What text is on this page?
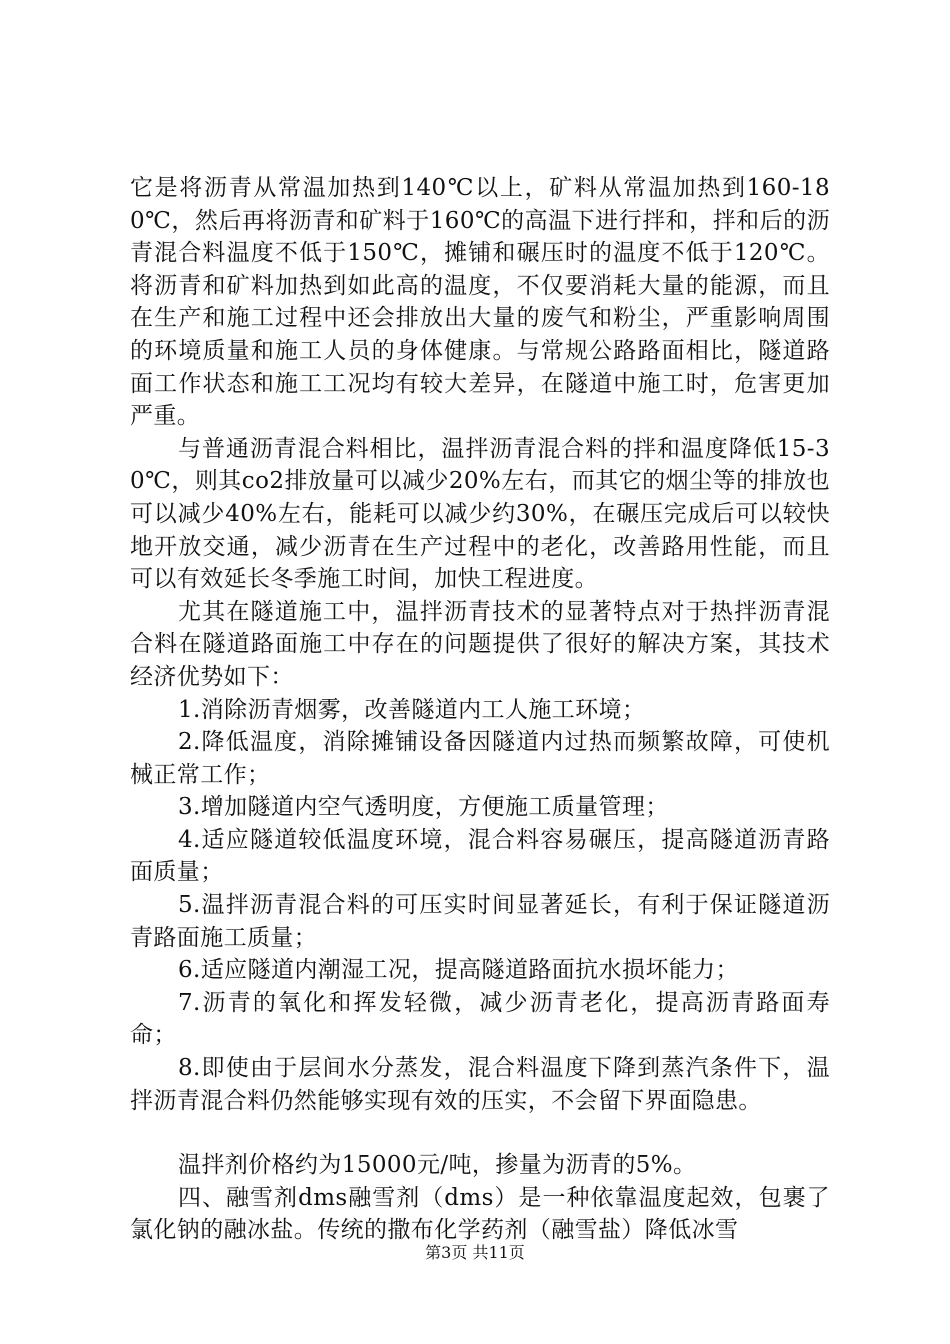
它是将沥青从常温加热到140℃以上，矿料从常温加热到160-180℃，然后再将沥青和矿料于160℃的高温下进行拌和，拌和后的沥青混合料温度不低于150℃，摊铺和碾压时的温度不低于120℃。将沥青和矿料加热到如此高的温度，不仅要消耗大量的能源，而且在生产和施工过程中还会排放出大量的废气和粉尘，严重影响周围的环境质量和施工人员的身体健康。与常规公路路面相比，隧道路面工作状态和施工工况均有较大差异，在隧道中施工时，危害更加严重。

与普通沥青混合料相比，温拌沥青混合料的拌和温度降低15-30℃，则其co2排放量可以减少20%左右，而其它的烟尘等的排放也可以减少40%左右，能耗可以减少约30%，在碾压完成后可以较快地开放交通，减少沥青在生产过程中的老化，改善路用性能，而且可以有效延长冬季施工时间，加快工程进度。

尤其在隧道施工中，温拌沥青技术的显著特点对于热拌沥青混合料在隧道路面施工中存在的问题提供了很好的解决方案，其技术经济优势如下：

1.消除沥青烟雾，改善隧道内工人施工环境；

2.降低温度，消除摊铺设备因隧道内过热而频繁故障，可使机械正常工作；

3.增加隧道内空气透明度，方便施工质量管理；

4.适应隧道较低温度环境，混合料容易碾压，提高隧道沥青路面质量；

5.温拌沥青混合料的可压实时间显著延长，有利于保证隧道沥青路面施工质量；

6.适应隧道内潮湿工况，提高隧道路面抗水损坏能力；

7.沥青的氧化和挥发轻微，减少沥青老化，提高沥青路面寿命；

8.即使由于层间水分蒸发，混合料温度下降到蒸汽条件下，温拌沥青混合料仍然能够实现有效的压实，不会留下界面隐患。

温拌剂价格约为15000元/吨，掺量为沥青的5%。

四、融雪剂dms融雪剂（dms）是一种依靠温度起效，包裹了氯化钠的融冰盐。传统的撒布化学药剂（融雪盐）降低冰雪

第3页 共11页
